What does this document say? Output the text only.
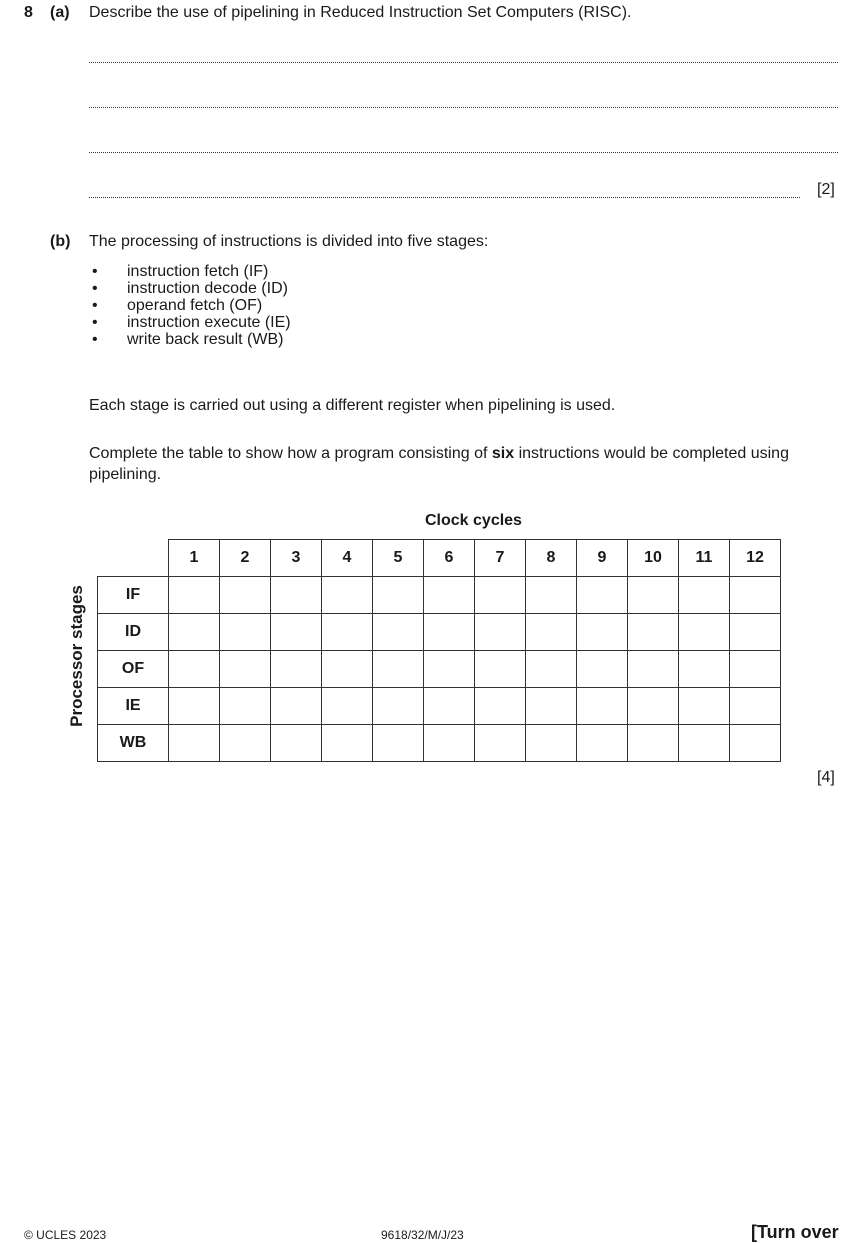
8 (a) Describe the use of pipelining in Reduced Instruction Set Computers (RISC).
[2]
(b) The processing of instructions is divided into five stages:
• instruction fetch (IF)
• instruction decode (ID)
• operand fetch (OF)
• instruction execute (IE)
• write back result (WB)
Each stage is carried out using a different register when pipelining is used.
Complete the table to show how a program consisting of six instructions would be completed using pipelining.
Clock cycles
Processor stages
	1	2	3	4	5	6	7	8	9	10	11	12
IF												
ID												
OF												
IE												
WB												
[4]
© UCLES 2023	9618/32/M/J/23	[Turn over
